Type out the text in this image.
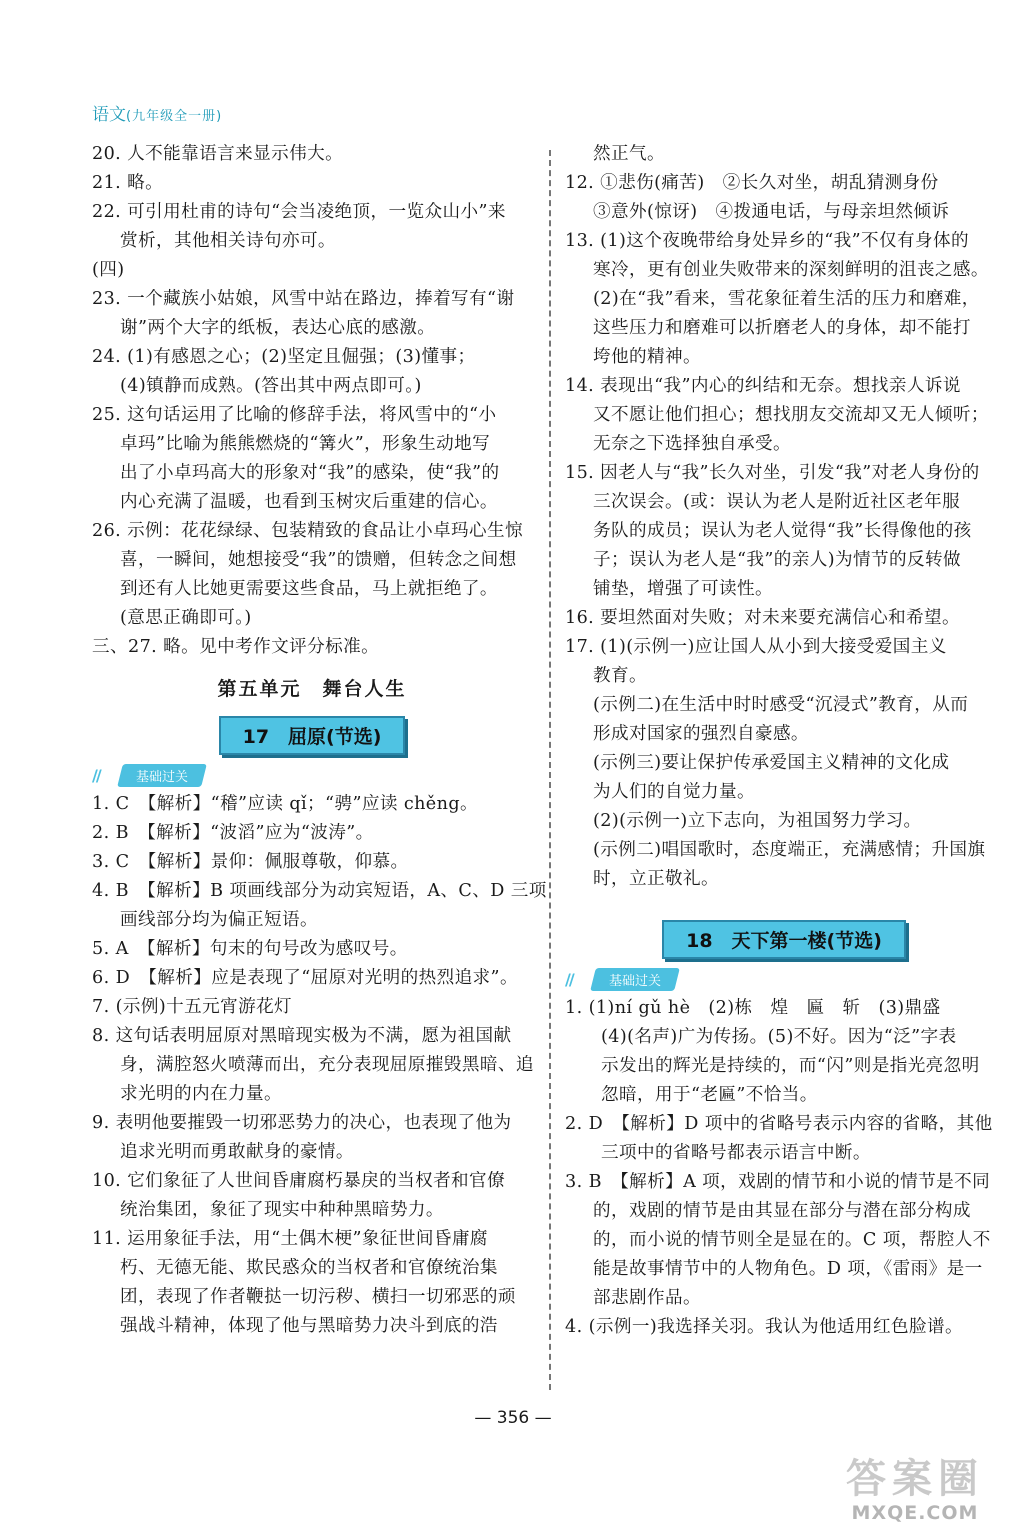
语文(九年级全一册)
20. 人不能靠语言来显示伟大。
21. 略。
22. 可引用杜甫的诗句“会当凌绝顶，一览众山小”来
赏析，其他相关诗句亦可。
(四)
23. 一个藏族小姑娘，风雪中站在路边，捧着写有“谢
谢”两个大字的纸板，表达心底的感激。
24. (1)有感恩之心；(2)坚定且倔强；(3)懂事；
(4)镇静而成熟。(答出其中两点即可。)
25. 这句话运用了比喻的修辞手法，将风雪中的“小
卓玛”比喻为熊熊燃烧的“篝火”，形象生动地写
出了小卓玛高大的形象对“我”的感染，使“我”的
内心充满了温暖，也看到玉树灾后重建的信心。
26. 示例：花花绿绿、包装精致的食品让小卓玛心生惊
喜，一瞬间，她想接受“我”的馈赠，但转念之间想
到还有人比她更需要这些食品，马上就拒绝了。
(意思正确即可。)
三、27. 略。见中考作文评分标准。
第五单元　舞台人生
17　屈原(节选)
//	基础过关
1. C　【解析】“稽”应读 qǐ；“骋”应读 chěng。
2. B　【解析】“波滔”应为“波涛”。
3. C　【解析】景仰：佩服尊敬，仰慕。
4. B　【解析】B 项画线部分为动宾短语，A、C、D 三项
画线部分均为偏正短语。
5. A　【解析】句末的句号改为感叹号。
6. D　【解析】应是表现了“屈原对光明的热烈追求”。
7. (示例)十五元宵游花灯
8. 这句话表明屈原对黑暗现实极为不满，愿为祖国献
身，满腔怒火喷薄而出，充分表现屈原摧毁黑暗、追
求光明的内在力量。
9. 表明他要摧毁一切邪恶势力的决心，也表现了他为
追求光明而勇敢献身的豪情。
10. 它们象征了人世间昏庸腐朽暴戾的当权者和官僚
统治集团，象征了现实中种种黑暗势力。
11. 运用象征手法，用“土偶木梗”象征世间昏庸腐
朽、无德无能、欺民惑众的当权者和官僚统治集
团，表现了作者鞭挞一切污秽、横扫一切邪恶的顽
强战斗精神，体现了他与黑暗势力决斗到底的浩
然正气。
12. ①悲伤(痛苦)　②长久对坐，胡乱猜测身份
③意外(惊讶)　④拨通电话，与母亲坦然倾诉
13. (1)这个夜晚带给身处异乡的“我”不仅有身体的
寒冷，更有创业失败带来的深刻鲜明的沮丧之感。
(2)在“我”看来，雪花象征着生活的压力和磨难，
这些压力和磨难可以折磨老人的身体，却不能打
垮他的精神。
14. 表现出“我”内心的纠结和无奈。想找亲人诉说
又不愿让他们担心；想找朋友交流却又无人倾听；
无奈之下选择独自承受。
15. 因老人与“我”长久对坐，引发“我”对老人身份的
三次误会。(或：误认为老人是附近社区老年服
务队的成员；误认为老人觉得“我”长得像他的孩
子；误认为老人是“我”的亲人)为情节的反转做
铺垫，增强了可读性。
16. 要坦然面对失败；对未来要充满信心和希望。
17. (1)(示例一)应让国人从小到大接受爱国主义
教育。
(示例二)在生活中时时感受“沉浸式”教育，从而
形成对国家的强烈自豪感。
(示例三)要让保护传承爱国主义精神的文化成
为人们的自觉力量。
(2)(示例一)立下志向，为祖国努力学习。
(示例二)唱国歌时，态度端正，充满感情；升国旗
时，立正敬礼。
18　天下第一楼(节选)
//	基础过关
1. (1)ní gǔ hè　(2)栋　煌　匾　斩　(3)鼎盛
(4)(名声)广为传扬。(5)不好。因为“泛”字表
示发出的辉光是持续的，而“闪”则是指光亮忽明
忽暗，用于“老匾”不恰当。
2. D　【解析】D 项中的省略号表示内容的省略，其他
三项中的省略号都表示语言中断。
3. B　【解析】A 项，戏剧的情节和小说的情节是不同
的，戏剧的情节是由其显在部分与潜在部分构成
的，而小说的情节则全是显在的。C 项，帮腔人不
能是故事情节中的人物角色。D 项，《雷雨》是一
部悲剧作品。
4. (示例一)我选择关羽。我认为他适用红色脸谱。
— 356 —
答案圈
MXQE.COM
